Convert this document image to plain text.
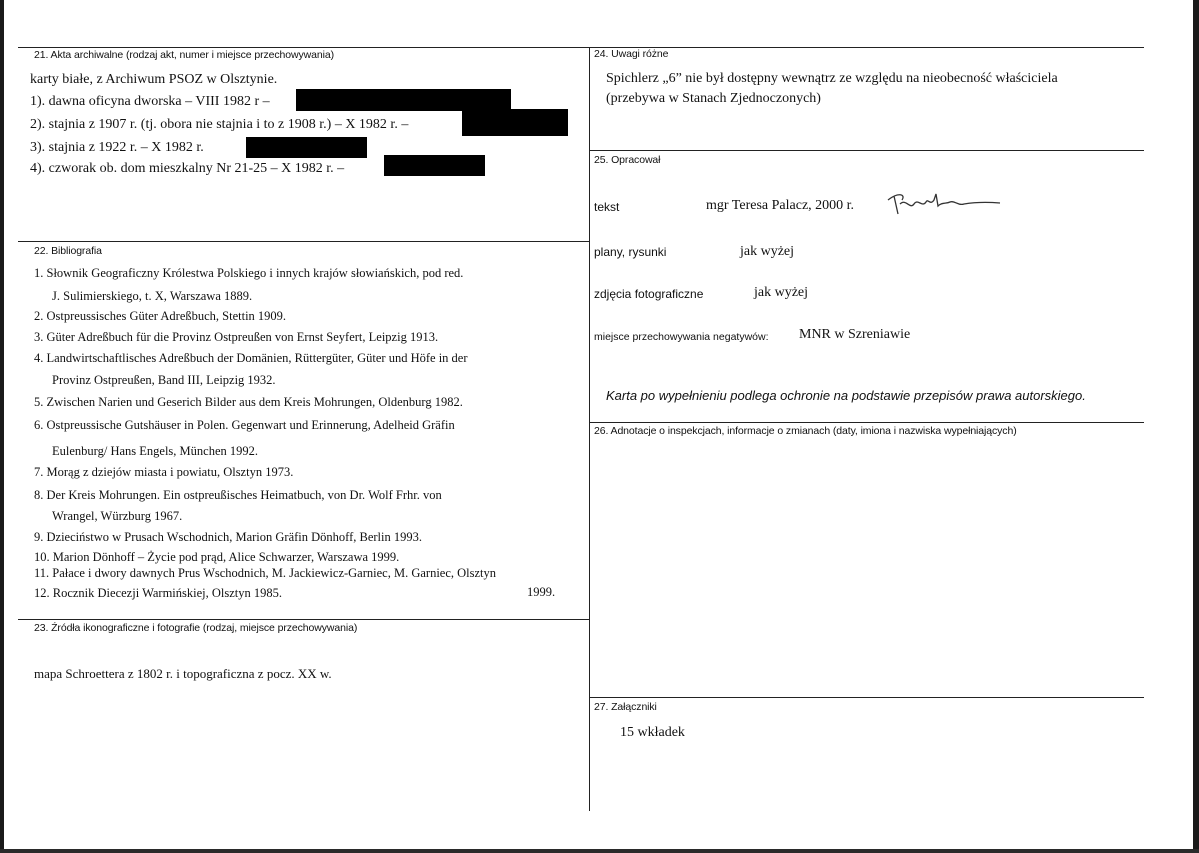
21. Akta archiwalne (rodzaj akt, numer i miejsce przechowywania)
karty białe, z Archiwum PSOZ w Olsztynie.
1). dawna oficyna dworska – VIII 1982 r –
2). stajnia z 1907 r. (tj. obora nie stajnia i to z 1908 r.) – X 1982 r. –
3). stajnia z 1922 r. – X 1982 r.
4). czworak ob. dom mieszkalny Nr 21-25 – X 1982 r. –
22. Bibliografia
1. Słownik Geograficzny Królestwa Polskiego i innych krajów słowiańskich, pod red.
J. Sulimierskiego, t. X, Warszawa 1889.
2. Ostpreussisches Güter Adreßbuch, Stettin 1909.
3. Güter Adreßbuch für die Provinz Ostpreußen von Ernst Seyfert, Leipzig 1913.
4. Landwirtschaftlisches Adreßbuch der Domänien, Rüttergüter, Güter und Höfe in der
Provinz Ostpreußen, Band III, Leipzig 1932.
5. Zwischen Narien und Geserich Bilder aus dem Kreis Mohrungen, Oldenburg 1982.
6. Ostpreussische Gutshäuser in Polen. Gegenwart und Erinnerung, Adelheid Gräfin
Eulenburg/ Hans Engels, München 1992.
7. Morąg z dziejów miasta i powiatu, Olsztyn 1973.
8. Der Kreis Mohrungen. Ein ostpreußisches Heimatbuch, von Dr. Wolf Frhr. von
Wrangel, Würzburg 1967.
9. Dzieciństwo w Prusach Wschodnich, Marion Gräfin Dönhoff, Berlin 1993.
10. Marion Dönhoff – Życie pod prąd, Alice Schwarzer, Warszawa 1999.
11. Pałace i dwory dawnych Prus Wschodnich, M. Jackiewicz-Garniec, M. Garniec, Olsztyn
12. Rocznik Diecezji Warmińskiej, Olsztyn 1985.	1999.
23. Źródła ikonograficzne i fotografie (rodzaj, miejsce przechowywania)
mapa Schroettera z 1802 r. i topograficzna z pocz. XX w.
24. Uwagi różne
Spichlerz „6” nie był dostępny wewnątrz ze względu na nieobecność właściciela
(przebywa w Stanach Zjednoczonych)
25. Opracował
tekst	mgr Teresa Palacz, 2000 r.
plany, rysunki	jak wyżej
zdjęcia fotograficzne	jak wyżej
miejsce przechowywania negatywów: MNR w Szreniawie
Karta po wypełnieniu podlega ochronie na podstawie przepisów prawa autorskiego.
26. Adnotacje o inspekcjach, informacje o zmianach (daty, imiona i nazwiska wypełniających)
27. Załączniki
15 wkładek
